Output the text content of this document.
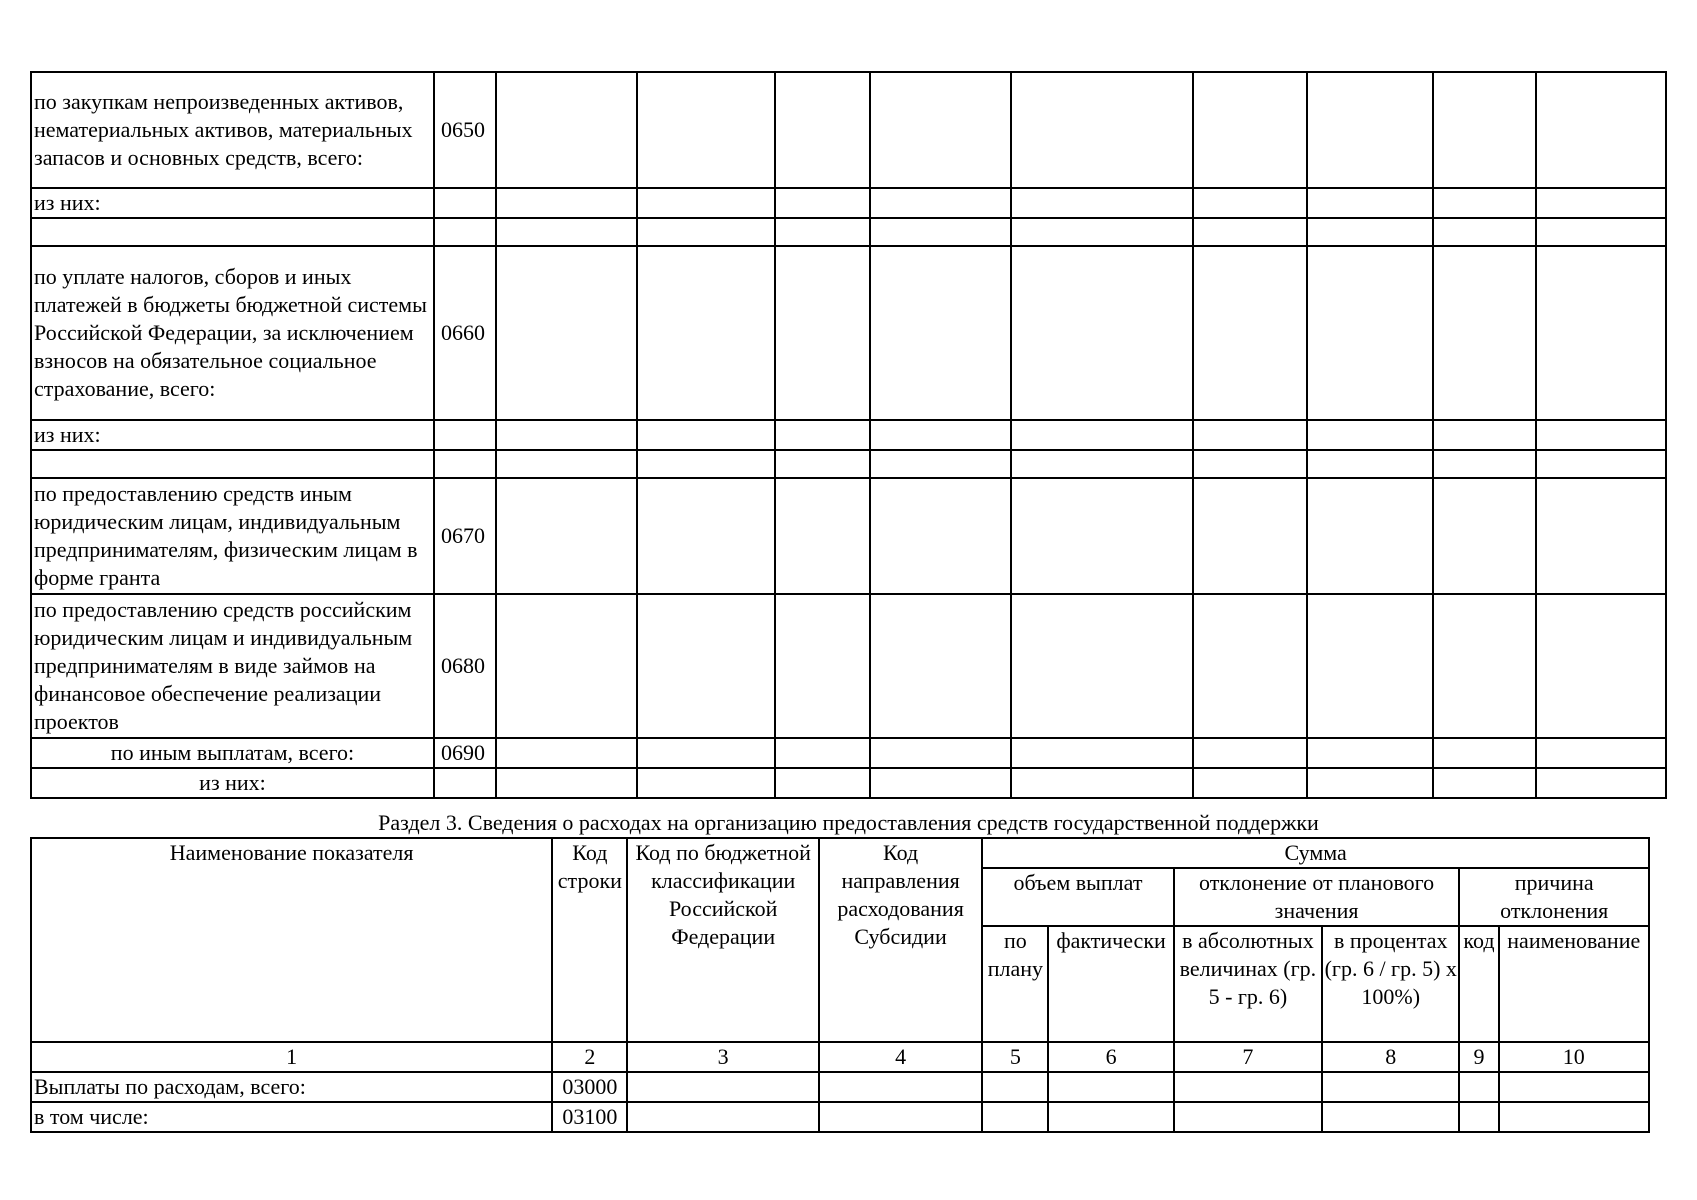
по закупкам непроизведенных активов, нематериальных активов, материальных запасов и основных средств, всего:	0650									
из них:										

по уплате налогов, сборов и иных платежей в бюджеты бюджетной системы Российской Федерации, за исключением взносов на обязательное социальное страхование, всего:	0660									
из них:										

по предоставлению средств иным юридическим лицам, индивидуальным предпринимателям, физическим лицам в форме гранта	0670									
по предоставлению средств российским юридическим лицам и индивидуальным предпринимателям в виде займов на финансовое обеспечение реализации проектов	0680									
по иным выплатам, всего:	0690									
из них:										
Раздел 3. Сведения о расходах на организацию предоставления средств государственной поддержки
Наименование показателя	Код строки	Код по бюджетной классификации Российской Федерации	Код направления расходования Субсидии	Сумма					
				объем выплат		отклонение от планового значения		причина отклонения	
				по плану	фактически	в абсолютных величинах (гр. 5 - гр. 6)	в процентах (гр. 6 / гр. 5) x 100%)	код	наименование
1	2	3	4	5	6	7	8	9	10
Выплаты по расходам, всего:	03000								
в том числе:	03100								
